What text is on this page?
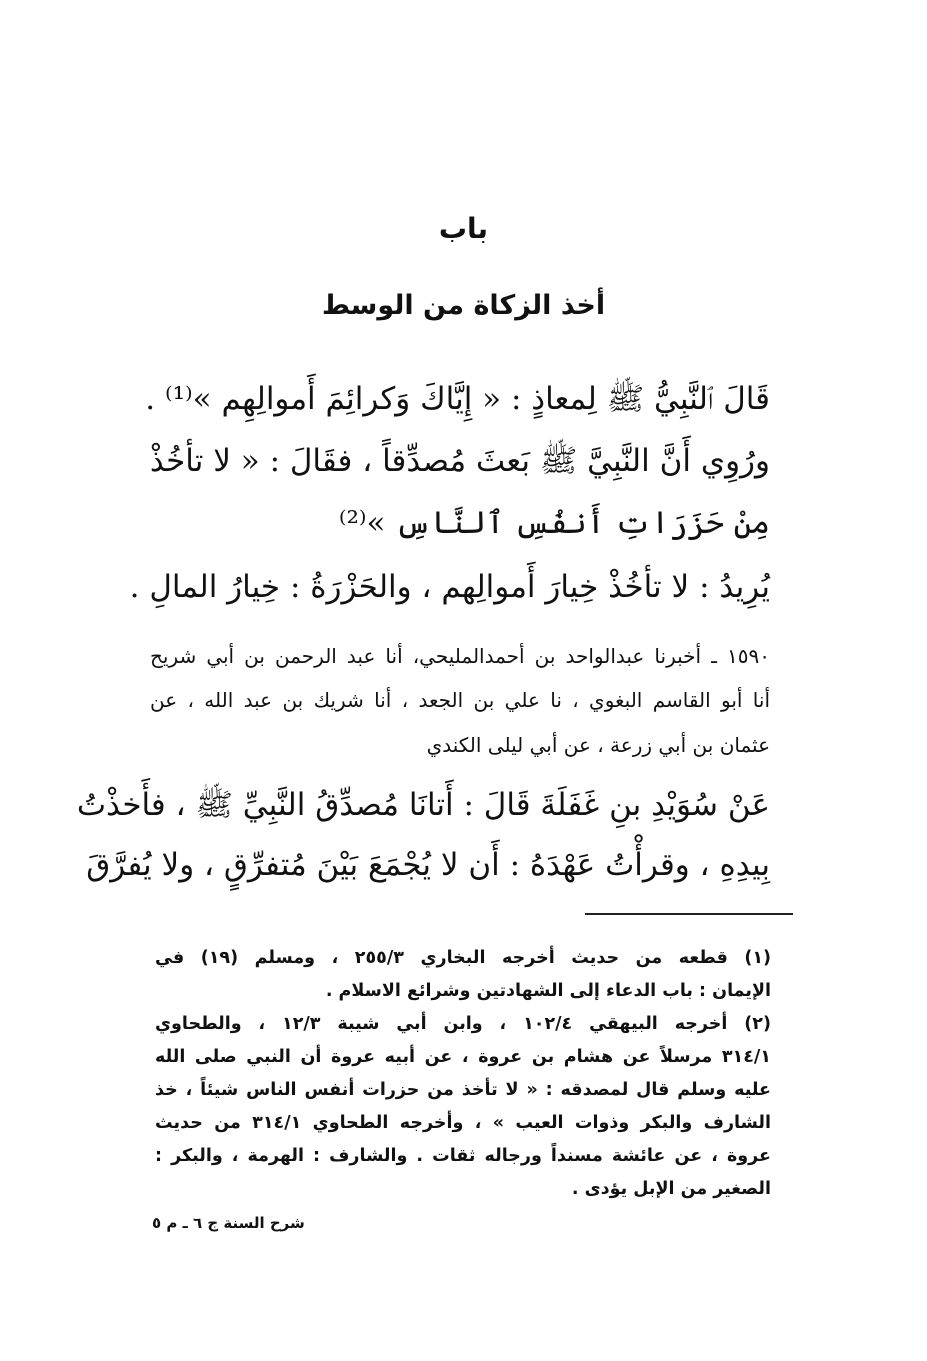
باب
أخذ الزكاة من الوسط
قَالَ ٱلنَّبِيُّ ﷺ لِمعاذٍ : « إِيَّاكَ وَكرائِمَ أَموالِهِم »⁽¹⁾ .
ورُوِي أَنَّ النَّبِيَّ ﷺ بَعثَ مُصدِّقاً ، فقَالَ : « لا تأخُذْ
مِنْ حَزَرَاتِ أَنفُسِ ٱلنَّاسِ »⁽²⁾
يُرِيدُ : لا تأخُذْ خِيارَ أَموالِهم ، والحَزْرَةُ : خِيارُ المالِ .
١٥٩٠ ـ أخبرنا عبدالواحد بن أحمدالمليحي، أنا عبد الرحمن بن أبي شريح
أنا أبو القاسم البغوي ، نا علي بن الجعد ، أنا شريك بن عبد الله ، عن
عثمان بن أبي زرعة ، عن أبي ليلى الكندي
عَنْ سُوَيْدِ بنِ غَفَلَةَ قَالَ : أَتانَا مُصدِّقُ النَّبِيِّ ﷺ ، فأَخذْتُ
بِيدِهِ ، وقرأْتُ عَهْدَهُ : أَن لا يُجْمَعَ بَيْنَ مُتفرِّقٍ ، ولا يُفرَّقَ
(١) قطعه من حديث أخرجه البخاري ٢٥٥/٣ ، ومسلم (١٩) في
الإيمان : باب الدعاء إلى الشهادتين وشرائع الاسلام .
(٢) أخرجه البيهقي ١٠٢/٤ ، وابن أبي شيبة ١٢/٣ ، والطحاوي
٣١٤/١ مرسلاً عن هشام بن عروة ، عن أبيه عروة أن النبي صلى الله
عليه وسلم قال لمصدقه : « لا تأخذ من حزرات أنفس الناس شيئاً ، خذ
الشارف والبكر وذوات العيب » ، وأخرجه الطحاوي ٣١٤/١ من حديث
عروة ، عن عائشة مسنداً ورجاله ثقات . والشارف : الهرمة ، والبكر :
الصغير من الإبل يؤدى .
شرح السنة ج ٦ ـ م ٥
